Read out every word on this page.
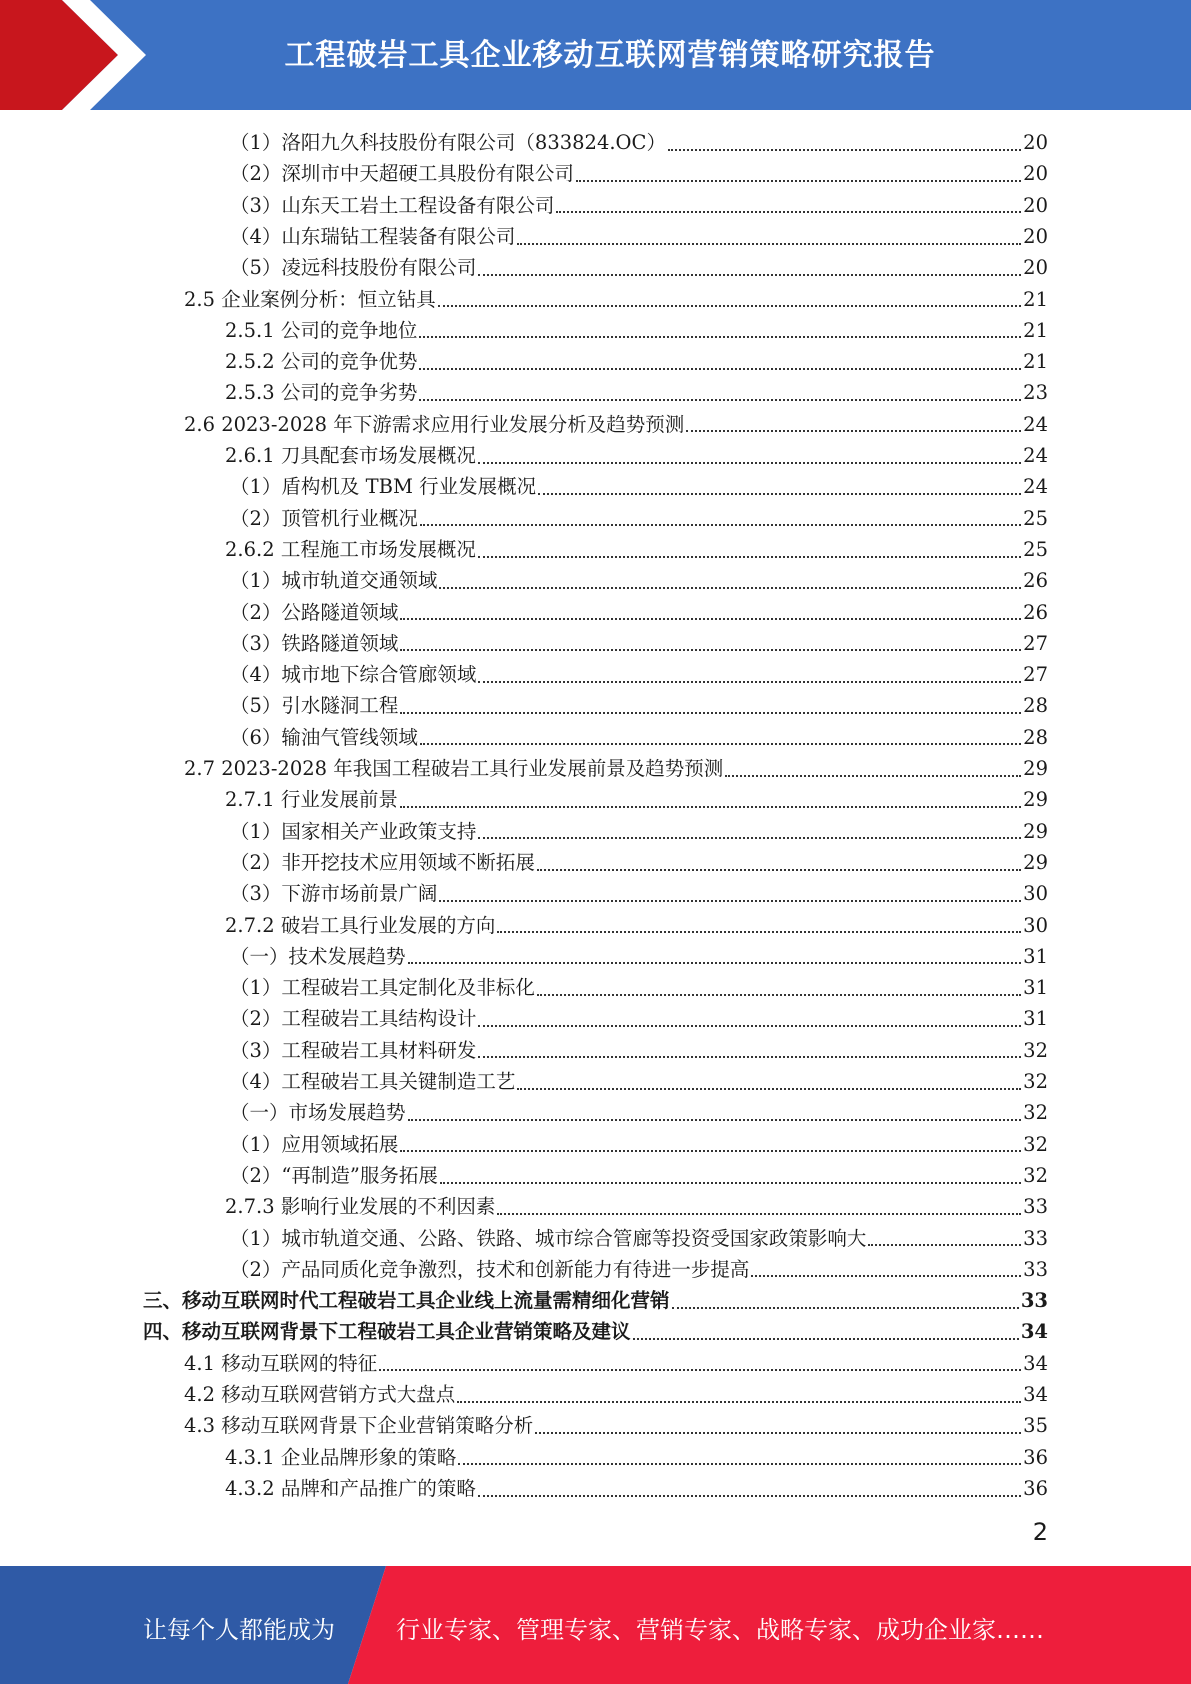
工程破岩工具企业移动互联网营销策略研究报告
（1）洛阳九久科技股份有限公司（833824.OC）	20
（2）深圳市中天超硬工具股份有限公司	20
（3）山东天工岩土工程设备有限公司	20
（4）山东瑞钻工程装备有限公司	20
（5）凌远科技股份有限公司	20
2.5 企业案例分析：恒立钻具	21
2.5.1 公司的竞争地位	21
2.5.2 公司的竞争优势	21
2.5.3 公司的竞争劣势	23
2.6 2023-2028 年下游需求应用行业发展分析及趋势预测	24
2.6.1 刀具配套市场发展概况	24
（1）盾构机及 TBM 行业发展概况	24
（2）顶管机行业概况	25
2.6.2 工程施工市场发展概况	25
（1）城市轨道交通领域	26
（2）公路隧道领域	26
（3）铁路隧道领域	27
（4）城市地下综合管廊领域	27
（5）引水隧洞工程	28
（6）输油气管线领域	28
2.7 2023-2028 年我国工程破岩工具行业发展前景及趋势预测	29
2.7.1 行业发展前景	29
（1）国家相关产业政策支持	29
（2）非开挖技术应用领域不断拓展	29
（3）下游市场前景广阔	30
2.7.2 破岩工具行业发展的方向	30
（一）技术发展趋势	31
（1）工程破岩工具定制化及非标化	31
（2）工程破岩工具结构设计	31
（3）工程破岩工具材料研发	32
（4）工程破岩工具关键制造工艺	32
（一）市场发展趋势	32
（1）应用领域拓展	32
（2）“再制造”服务拓展	32
2.7.3 影响行业发展的不利因素	33
（1）城市轨道交通、公路、铁路、城市综合管廊等投资受国家政策影响大	33
（2）产品同质化竞争激烈，技术和创新能力有待进一步提高	33
三、移动互联网时代工程破岩工具企业线上流量需精细化营销	33
四、移动互联网背景下工程破岩工具企业营销策略及建议	34
4.1 移动互联网的特征	34
4.2 移动互联网营销方式大盘点	34
4.3 移动互联网背景下企业营销策略分析	35
4.3.1 企业品牌形象的策略	36
4.3.2 品牌和产品推广的策略	36
2
让每个人都能成为	行业专家、管理专家、营销专家、战略专家、成功企业家……
